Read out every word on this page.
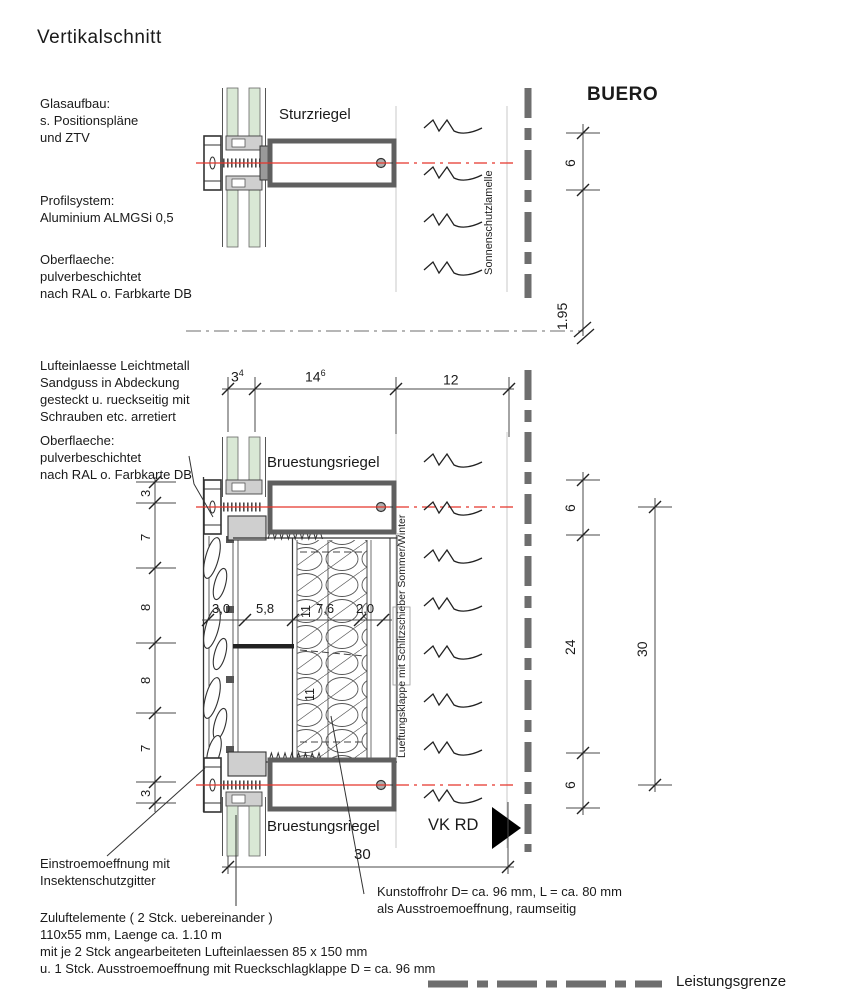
Vertikalschnitt
Glasaufbau:
s. Positionspläne
und ZTV
Profilsystem:
Aluminium ALMGSi 0,5
Oberflaeche:
pulverbeschichtet
nach RAL o. Farbkarte DB
Lufteinlaesse Leichtmetall
Sandguss in Abdeckung
gesteckt u. rueckseitig mit
Schrauben etc. arretiert
Oberflaeche:
pulverbeschichtet
nach RAL o. Farbkarte DB
Einstroemoeffnung mit
Insektenschutzgitter
Zuluftelemente ( 2 Stck. uebereinander )
110x55 mm, Laenge ca. 1.10 m
mit je 2 Stck angearbeiteten Lufteinlaessen 85 x 150 mm
u. 1 Stck. Ausstroemoeffnung mit Rueckschlagklappe D = ca. 96 mm
Kunstoffrohr D= ca. 96 mm, L = ca. 80 mm
als Ausstroemoeffnung, raumseitig
Sturzriegel
Bruestungsriegel
Bruestungsriegel
BUERO
VK RD
Leistungsgrenze
Sonnenschutzlamelle
Lueftungsklappe mit Schlitzschieber Sommer/Winter
6
1.95
$3^4$	$14^6$	12
3
7
8
8
7
3
6
24
6
30
3,0 5,8	7,6 2,0
11
11
30
